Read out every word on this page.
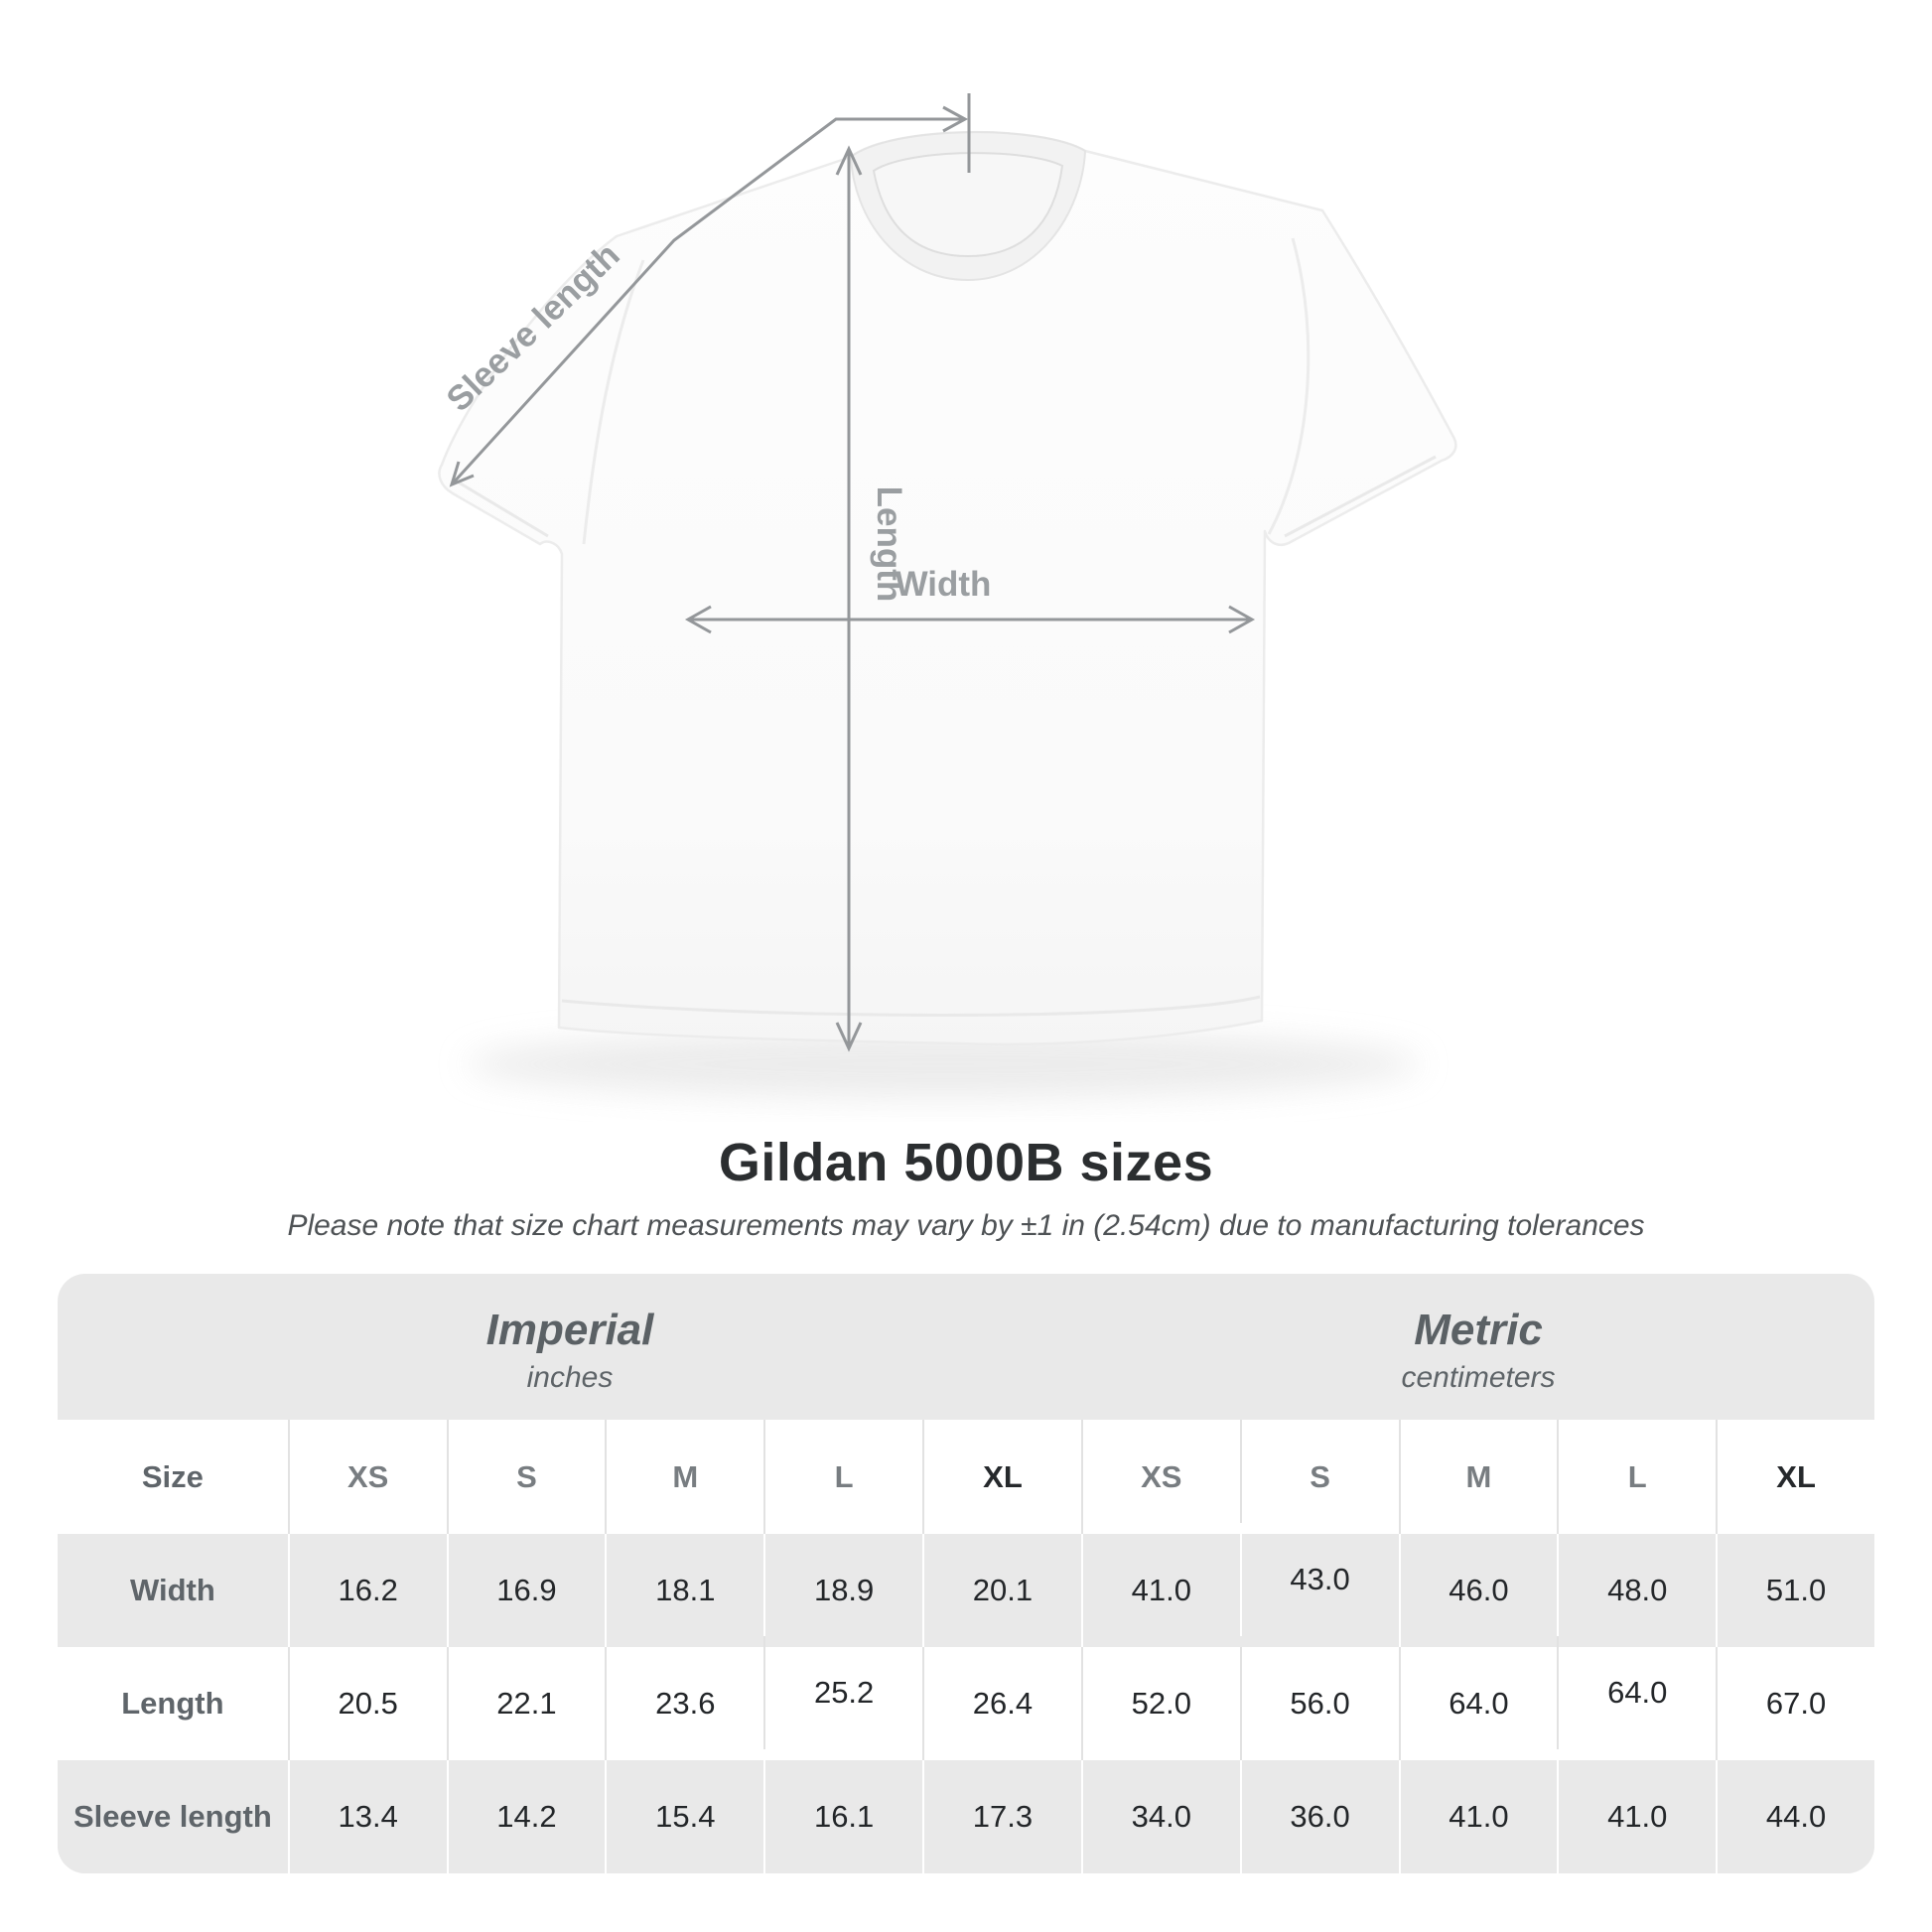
Sleeve length
Length
Width
Gildan 5000B sizes
Please note that size chart measurements may vary by ±1 in (2.54cm) due to manufacturing tolerances
Imperial
inches
Metric
centimeters
Size	XS	S	M	L	XL	XS	S	M	L	XL
Width	16.2	16.9	18.1	18.9	20.1	41.0	43.0	46.0	48.0	51.0
Length	20.5	22.1	23.6	25.2	26.4	52.0	56.0	64.0	64.0	67.0
Sleeve length	13.4	14.2	15.4	16.1	17.3	34.0	36.0	41.0	41.0	44.0
